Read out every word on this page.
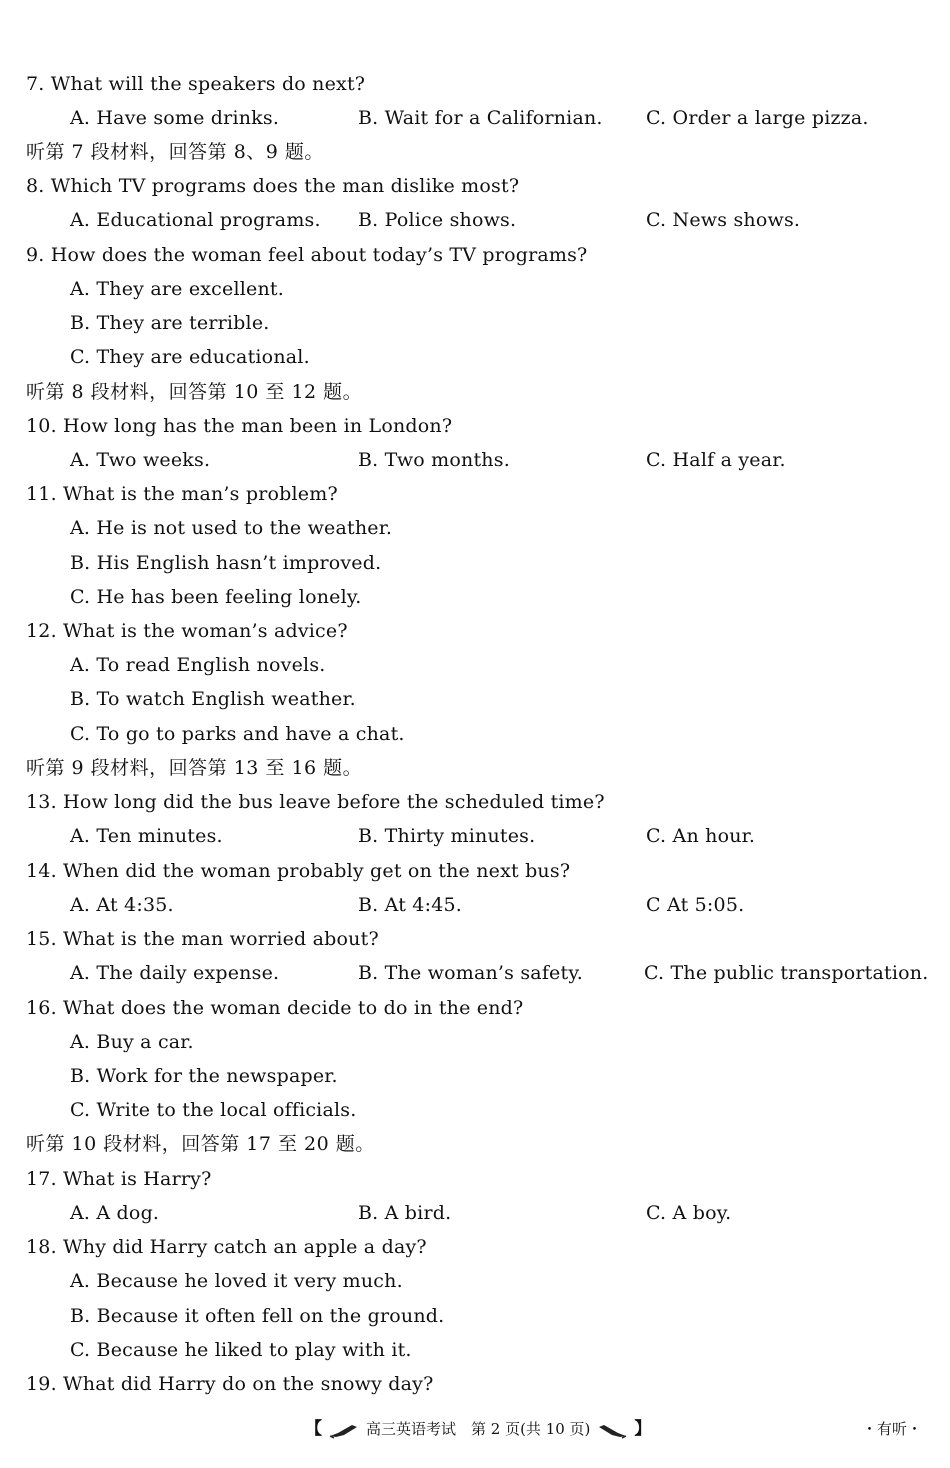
7. What will the speakers do next?
A. Have some drinks.	B. Wait for a Californian. C. Order a large pizza.
听第 7 段材料，回答第 8、9 题。
8. Which TV programs does the man dislike most?
A. Educational programs. B. Police shows.	C. News shows.
9. How does the woman feel about today’s TV programs?
A. They are excellent.
B. They are terrible.
C. They are educational.
听第 8 段材料，回答第 10 至 12 题。
10. How long has the man been in London?
A. Two weeks.	B. Two months.	C. Half a year.
11. What is the man’s problem?
A. He is not used to the weather.
B. His English hasn’t improved.
C. He has been feeling lonely.
12. What is the woman’s advice?
A. To read English novels.
B. To watch English weather.
C. To go to parks and have a chat.
听第 9 段材料，回答第 13 至 16 题。
13. How long did the bus leave before the scheduled time?
A. Ten minutes.	B. Thirty minutes.	C. An hour.
14. When did the woman probably get on the next bus?
A. At 4:35.	B. At 4:45.	C At 5:05.
15. What is the man worried about?
A. The daily expense.	B. The woman’s safety.	C. The public transportation.
16. What does the woman decide to do in the end?
A. Buy a car.
B. Work for the newspaper.
C. Write to the local officials.
听第 10 段材料，回答第 17 至 20 题。
17. What is Harry?
A. A dog.	B. A bird.	C. A boy.
18. Why did Harry catch an apple a day?
A. Because he loved it very much.
B. Because it often fell on the ground.
C. Because he liked to play with it.
19. What did Harry do on the snowy day?
【	高三英语考试　第 2 页(共 10 页)	】	・有听・
